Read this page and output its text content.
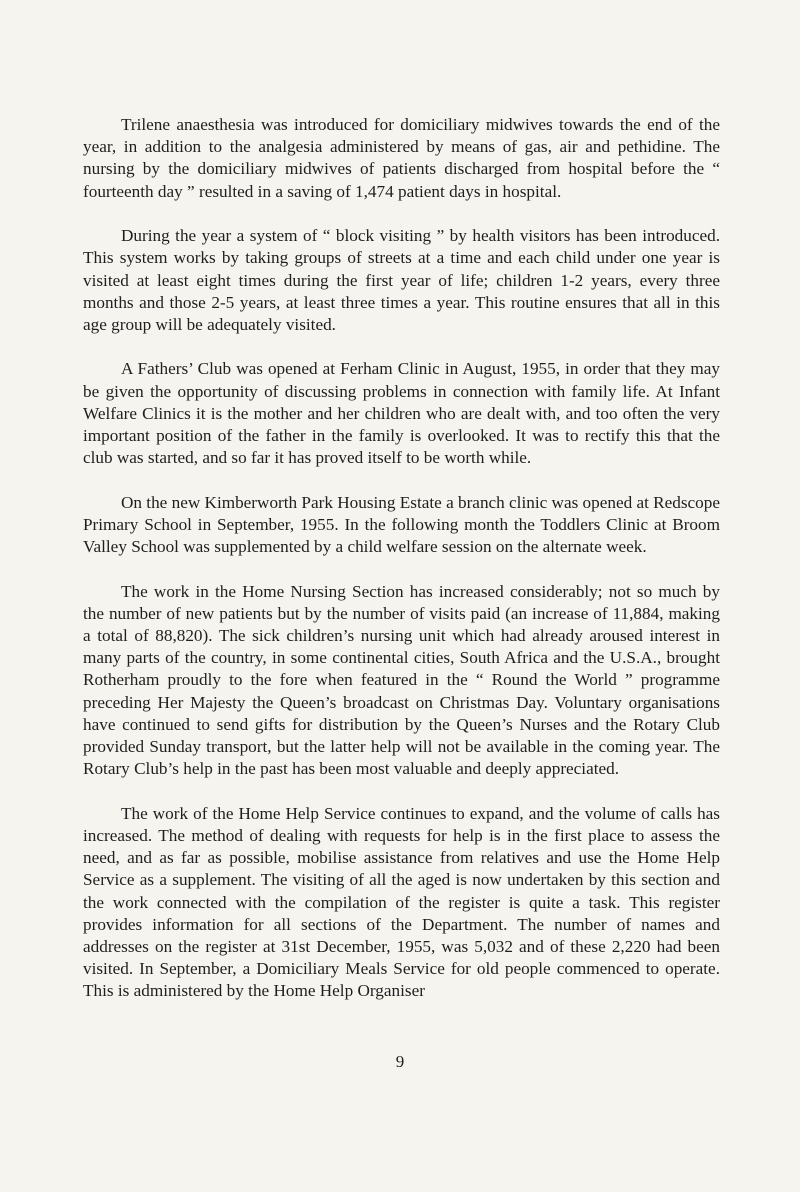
Trilene anaesthesia was introduced for domiciliary midwives towards the end of the year, in addition to the analgesia administered by means of gas, air and pethidine. The nursing by the domiciliary midwives of patients discharged from hospital before the “ fourteenth day ” resulted in a saving of 1,474 patient days in hospital.

During the year a system of “ block visiting ” by health visitors has been introduced. This system works by taking groups of streets at a time and each child under one year is visited at least eight times during the first year of life; children 1-2 years, every three months and those 2-5 years, at least three times a year. This routine ensures that all in this age group will be adequately visited.

A Fathers’ Club was opened at Ferham Clinic in August, 1955, in order that they may be given the opportunity of discussing problems in connection with family life. At Infant Welfare Clinics it is the mother and her children who are dealt with, and too often the very important position of the father in the family is overlooked. It was to rectify this that the club was started, and so far it has proved itself to be worth while.

On the new Kimberworth Park Housing Estate a branch clinic was opened at Redscope Primary School in September, 1955. In the following month the Toddlers Clinic at Broom Valley School was supplemented by a child welfare session on the alternate week.

The work in the Home Nursing Section has increased considerably; not so much by the number of new patients but by the number of visits paid (an increase of 11,884, making a total of 88,820). The sick children’s nursing unit which had already aroused interest in many parts of the country, in some continental cities, South Africa and the U.S.A., brought Rotherham proudly to the fore when featured in the “ Round the World ” programme preceding Her Majesty the Queen’s broadcast on Christmas Day. Voluntary organisations have continued to send gifts for distribution by the Queen’s Nurses and the Rotary Club provided Sunday transport, but the latter help will not be available in the coming year. The Rotary Club’s help in the past has been most valuable and deeply appreciated.

The work of the Home Help Service continues to expand, and the volume of calls has increased. The method of dealing with requests for help is in the first place to assess the need, and as far as possible, mobilise assistance from relatives and use the Home Help Service as a supplement. The visiting of all the aged is now undertaken by this section and the work connected with the compilation of the register is quite a task. This register provides information for all sections of the Department. The number of names and addresses on the register at 31st December, 1955, was 5,032 and of these 2,220 had been visited. In September, a Domiciliary Meals Service for old people commenced to operate. This is administered by the Home Help Organiser

9
